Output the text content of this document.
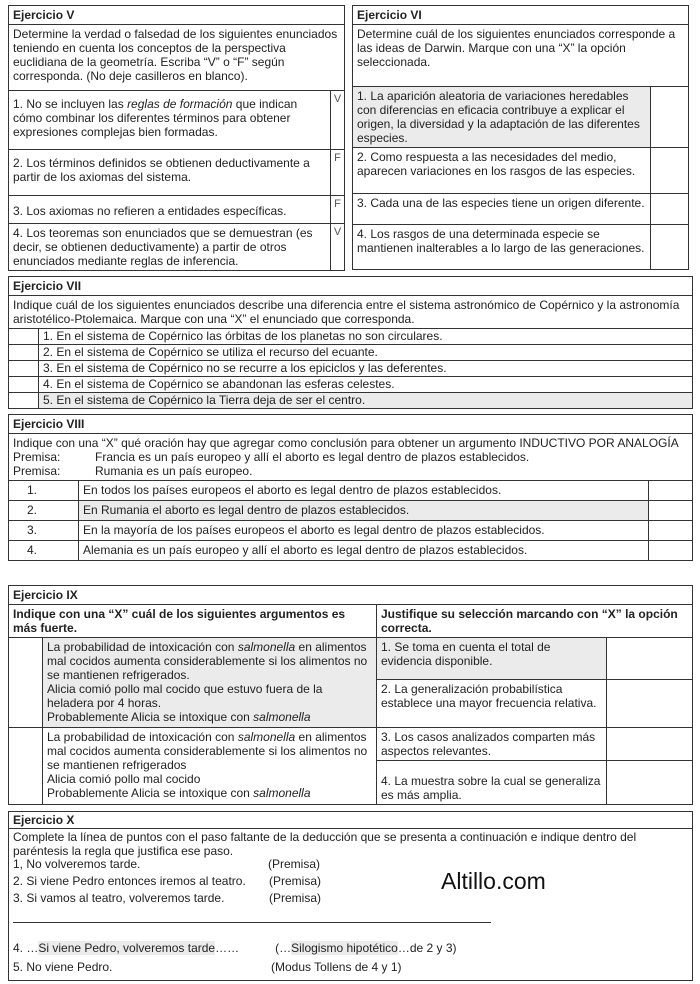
Ejercicio V	
Determine la verdad o falsedad de los siguientes enunciados teniendo en cuenta los conceptos de la perspectiva euclidiana de la geometría. Escriba “V” o “F” según corresponda. (No deje casilleros en blanco).	
1. No se incluyen las reglas de formación que indican cómo combinar los diferentes términos para obtener expresiones complejas bien formadas.	V
2. Los términos definidos se obtienen deductivamente a partir de los axiomas del sistema.	F
3. Los axiomas no refieren a entidades específicas.	F
4. Los teoremas son enunciados que se demuestran (es decir, se obtienen deductivamente) a partir de otros enunciados mediante reglas de inferencia.	V
Ejercicio VI	
Determine cuál de los siguientes enunciados corresponde a las ideas de Darwin. Marque con una “X” la opción seleccionada.	
1. La aparición aleatoria de variaciones heredables con diferencias en eficacia contribuye a explicar el origen, la diversidad y la adaptación de las diferentes especies.	
2. Como respuesta a las necesidades del medio, aparecen variaciones en los rasgos de las especies.	
3. Cada una de las especies tiene un origen diferente.	
4. Los rasgos de una determinada especie se mantienen inalterables a lo largo de las generaciones.	
Ejercicio VII	
Indique cuál de los siguientes enunciados describe una diferencia entre el sistema astronómico de Copérnico y la astronomía aristotélico-Ptolemaica. Marque con una “X” el enunciado que corresponda.	
	1. En el sistema de Copérnico las órbitas de los planetas no son circulares.
	2. En el sistema de Copérnico se utiliza el recurso del ecuante.
	3. En el sistema de Copérnico no se recurre a los epiciclos y las deferentes.
	4. En el sistema de Copérnico se abandonan las esferas celestes.
	5. En el sistema de Copérnico la Tierra deja de ser el centro.
Ejercicio VIII		

Indique con una “X” qué oración hay que agregar como conclusión para obtener un argumento INDUCTIVO POR ANALOGÍA
Premisa: Francia es un país europeo y allí el aborto es legal dentro de plazos establecidos.
Premisa: Rumania es un país europeo.		

1.	En todos los países europeos el aborto es legal dentro de plazos establecidos.	
2.	En Rumania el aborto es legal dentro de plazos establecidos.	
3.	En la mayoría de los países europeos el aborto es legal dentro de plazos establecidos.	
4.	Alemania es un país europeo y allí el aborto es legal dentro de plazos establecidos.	
Ejercicio IX			
Indique con una “X” cuál de los siguientes argumentos es más fuerte.		Justifique su selección marcando con “X” la opción correcta.	

	La probabilidad de intoxicación con salmonella en alimentos mal cocidos aumenta considerablemente si los alimentos no se mantienen refrigerados.
Alicia comió pollo mal cocido que estuvo fuera de la heladera por 4 horas.
Probablemente Alicia se intoxique con salmonella	1. Se toma en cuenta el total de evidencia disponible.	
		2. La generalización probabilística establece una mayor frecuencia relativa.	

	La probabilidad de intoxicación con salmonella en alimentos mal cocidos aumenta considerablemente si los alimentos no se mantienen refrigerados
Alicia comió pollo mal cocido
Probablemente Alicia se intoxique con salmonella	3. Los casos analizados comparten más aspectos relevantes.	
		4. La muestra sobre la cual se generaliza es más amplia.	
Ejercicio X
Complete la línea de puntos con el paso faltante de la deducción que se presenta a continuación e indique dentro del paréntesis la regla que justifica ese paso.
1, No volveremos tarde.	(Premisa)
2. Si viene Pedro entonces iremos al teatro. (Premisa)
3. Si vamos al teatro, volveremos tarde.	(Premisa)
4. …Si viene Pedro, volveremos tarde……	(…Silogismo hipotético…de 2 y 3)
5. No viene Pedro.	(Modus Tollens de 4 y 1)
Altillo.com
